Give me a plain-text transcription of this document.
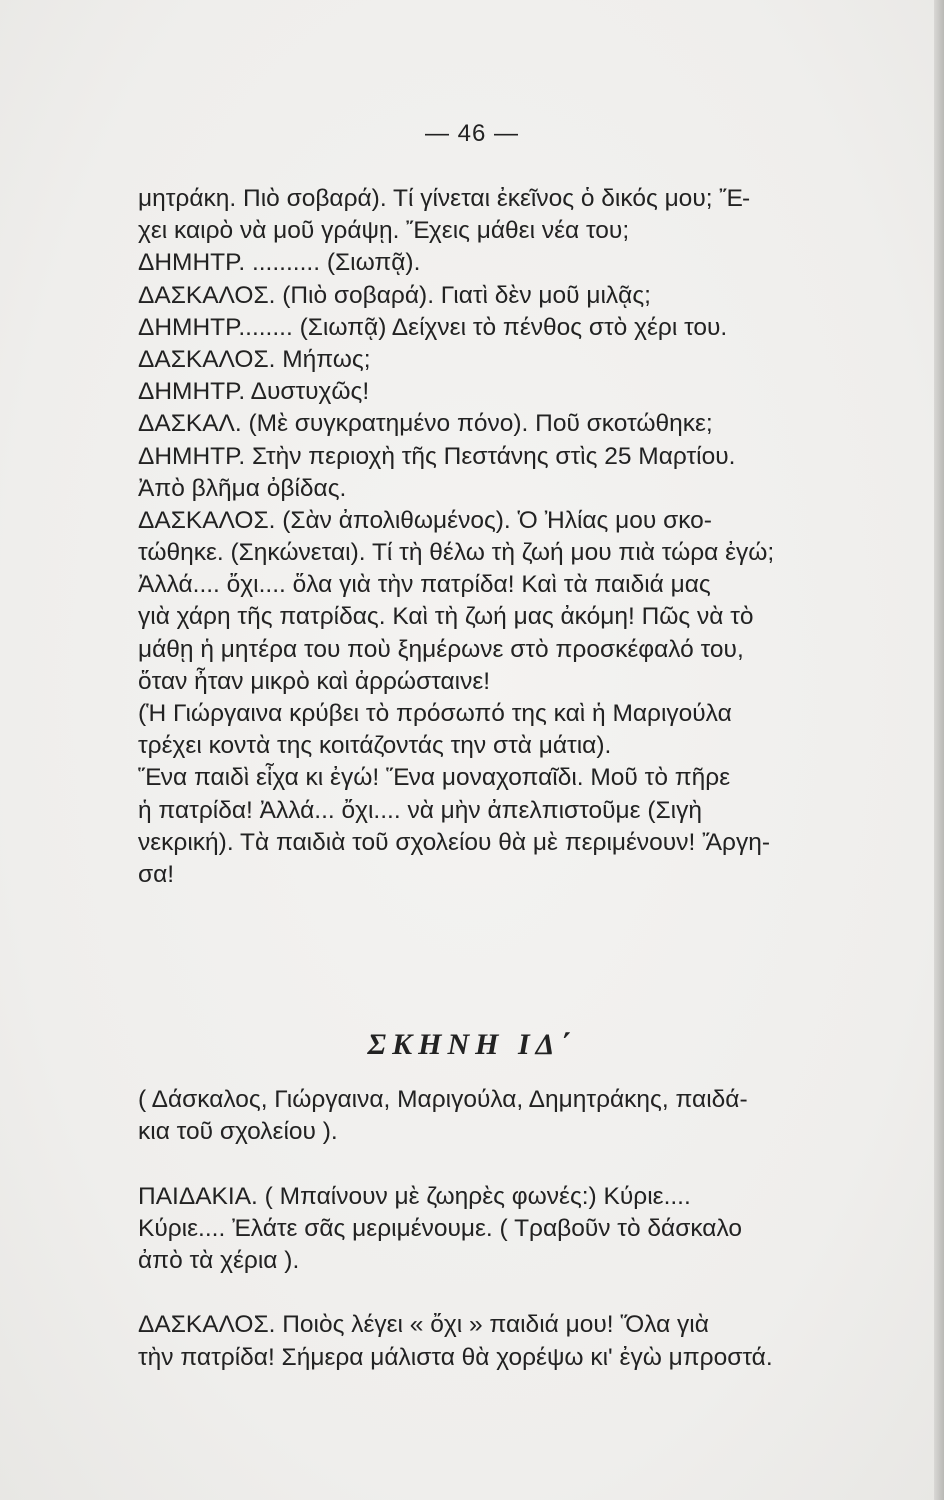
— 46 —
μητράκη. Πιὸ σοβαρά). Τί γίνεται ἐκεῖνος ὁ δικός μου; Ἔ-
χει καιρὸ νὰ μοῦ γράψῃ. Ἔχεις μάθει νέα του;
ΔΗΜΗΤΡ. .......... (Σιωπᾷ).
ΔΑΣΚΑΛΟΣ. (Πιὸ σοβαρά). Γιατὶ δὲν μοῦ μιλᾷς;
ΔΗΜΗΤΡ........ (Σιωπᾷ) Δείχνει τὸ πένθος στὸ χέρι του.
ΔΑΣΚΑΛΟΣ. Μήπως;
ΔΗΜΗΤΡ. Δυστυχῶς!
ΔΑΣΚΑΛ. (Μὲ συγκρατημένο πόνο). Ποῦ σκοτώθηκε;
ΔΗΜΗΤΡ. Στὴν περιοχὴ τῆς Πεστάνης στὶς 25 Μαρτίου.
Ἀπὸ βλῆμα ὀβίδας.
ΔΑΣΚΑΛΟΣ. (Σὰν ἀπολιθωμένος). Ὁ Ἠλίας μου σκο-
τώθηκε. (Σηκώνεται). Τί τὴ θέλω τὴ ζωή μου πιὰ τώρα ἐγώ;
Ἀλλά.... ὄχι.... ὅλα γιὰ τὴν πατρίδα! Καὶ τὰ παιδιά μας
γιὰ χάρη τῆς πατρίδας. Καὶ τὴ ζωή μας ἀκόμη! Πῶς νὰ τὸ
μάθῃ ἡ μητέρα του ποὺ ξημέρωνε στὸ προσκέφαλό του,
ὅταν ἦταν μικρὸ καὶ ἀρρώσταινε!
(Ἡ Γιώργαινα κρύβει τὸ πρόσωπό της καὶ ἡ Μαριγούλα
τρέχει κοντὰ της κοιτάζοντάς την στὰ μάτια).
Ἕνα παιδὶ εἶχα κι ἐγώ! Ἕνα μοναχοπαῖδι. Μοῦ τὸ πῆρε
ἡ πατρίδα! Ἀλλά... ὄχι.... νὰ μὴν ἀπελπιστοῦμε (Σιγὴ
νεκρική). Τὰ παιδιὰ τοῦ σχολείου θὰ μὲ περιμένουν! Ἄργη-
σα!
ΣΚΗΝΗ ΙΔ΄
( Δάσκαλος, Γιώργαινα, Μαριγούλα, Δημητράκης, παιδά-
κια τοῦ σχολείου ).
ΠΑΙΔΑΚΙΑ. ( Μπαίνουν μὲ ζωηρὲς φωνές:) Κύριε....
Κύριε.... Ἐλάτε σᾶς μεριμένουμε. ( Τραβοῦν τὸ δάσκαλο
ἀπὸ τὰ χέρια ).
ΔΑΣΚΑΛΟΣ. Ποιὸς λέγει « ὄχι » παιδιά μου! Ὅλα γιὰ
τὴν πατρίδα! Σήμερα μάλιστα θὰ χορέψω κι' ἐγὼ μπροστά.
